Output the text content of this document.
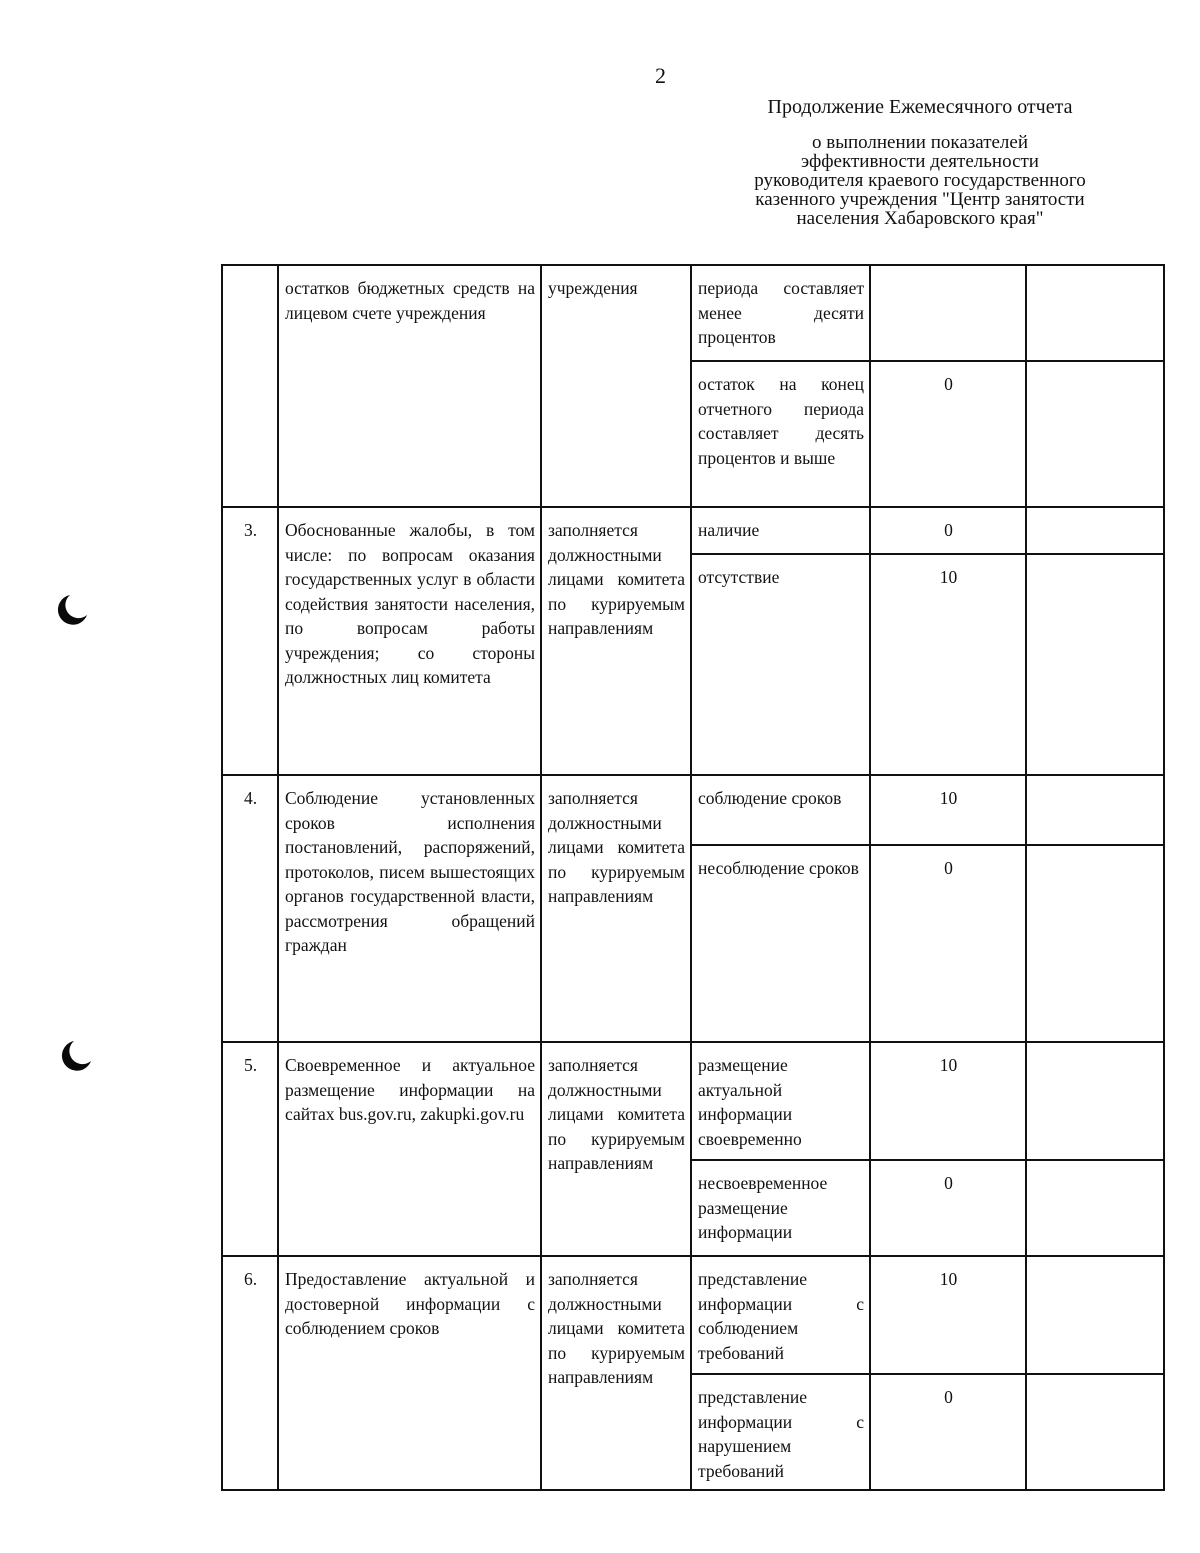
2
Продолжение Ежемесячного отчета
о выполнении показателей
эффективности деятельности
руководителя краевого государственного
казенного учреждения "Центр занятости
населения Хабаровского края"
	остатков бюджетных средств на лицевом счете учреждения	учреждения	периода составляет менее десяти процентов		
			остаток на конец отчетного периода составляет десять процентов и выше	0	
3.	Обоснованные жалобы, в том числе: по вопросам оказания государственных услуг в области содействия занятости населения, по вопросам работы учреждения; со стороны должностных лиц комитета	заполняется должностными лицами комитета по курируемым направлениям	наличие	0	
			отсутствие	10	
4.	Соблюдение установленных сроков исполнения постановлений, распоряжений, протоколов, писем вышестоящих органов государственной власти, рассмотрения обращений граждан	заполняется должностными лицами комитета по курируемым направлениям	соблюдение сроков	10	
			несоблюдение сроков	0	
5.	Своевременное и актуальное размещение информации на сайтах bus.gov.ru, zakupki.gov.ru	заполняется должностными лицами комитета по курируемым направлениям	размещение актуальной информации своевременно	10	
			несвоевременное размещение информации	0	
6.	Предоставление актуальной и достоверной информации с соблюдением сроков	заполняется должностными лицами комитета по курируемым направлениям	представление информации с соблюдением требований	10	
			представление информации с нарушением требований	0	
